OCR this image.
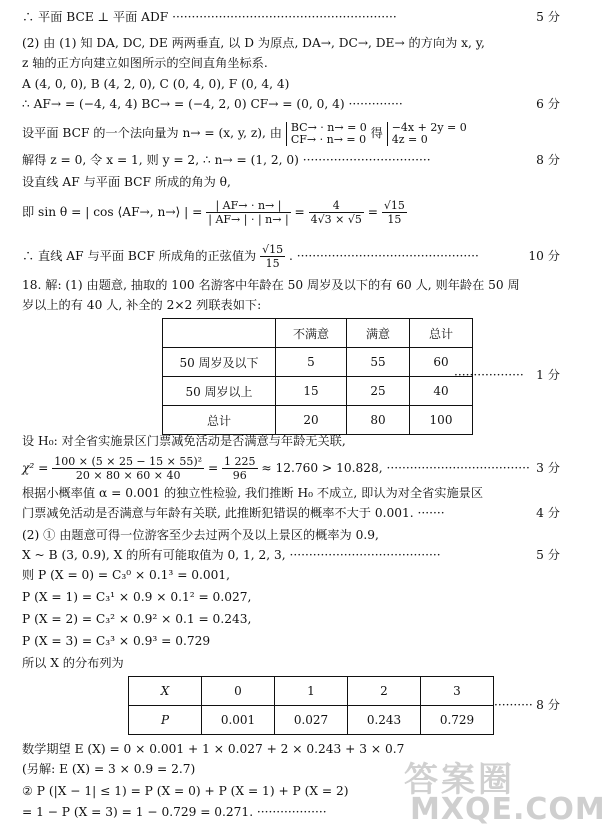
∴ 平面 BCE ⊥ 平面 ADF ··························································	5 分
(2) 由 (1) 知 DA, DC, DE 两两垂直, 以 D 为原点, DA→, DC→, DE→ 的方向为 x, y,
z 轴的正方向建立如图所示的空间直角坐标系.
A (4, 0, 0), B (4, 2, 0), C (0, 4, 0), F (0, 4, 4)
∴ AF→ = (−4, 4, 4) BC→ = (−4, 2, 0) CF→ = (0, 0, 4) ··············	6 分
解得 z = 0, 令 x = 1, 则 y = 2, ∴ n→ = (1, 2, 0) ·································	8 分
设直线 AF 与平面 BCF 所成的角为 θ,
18. 解: (1) 由题意, 抽取的 100 名游客中年龄在 50 周岁及以下的有 60 人, 则年龄在 50 周
岁以上的有 40 人, 补全的 2×2 列联表如下:
设 H₀: 对全省实施景区门票减免活动是否满意与年龄无关联,
根据小概率值 α = 0.001 的独立性检验, 我们推断 H₀ 不成立, 即认为对全省实施景区
门票减免活动是否满意与年龄有关联, 此推断犯错误的概率不大于 0.001. ·······	4 分
(2) ① 由题意可得一位游客至少去过两个及以上景区的概率为 0.9,
X ~ B (3, 0.9), X 的所有可能取值为 0, 1, 2, 3, ·······································	5 分
则 P (X = 0) = C₃⁰ × 0.1³ = 0.001,
P (X = 1) = C₃¹ × 0.9 × 0.1² = 0.027,
P (X = 2) = C₃² × 0.9² × 0.1 = 0.243,
P (X = 3) = C₃³ × 0.9³ = 0.729
所以 X 的分布列为
数学期望 E (X) = 0 × 0.001 + 1 × 0.027 + 2 × 0.243 + 3 × 0.7
(另解: E (X) = 3 × 0.9 = 2.7)
② P (|X − 1| ≤ 1) = P (X = 0) + P (X = 1) + P (X = 2)
= 1 − P (X = 3) = 1 − 0.729 = 0.271. ··················
设平面 BCF 的一个法向量为 n→ = (x, y, z), 由 BC→ · n→ = 0
CF→ · n→ = 0 得 −4x + 2y = 0
4z = 0
即 sin θ = | cos ⟨AF→, n→⟩ | = $\frac{| AF\to \cdot n\to |}{| AF\to | \cdot | n\to |} = \frac{4}{4√3 \times √5} = \frac{√15}{15}$
∴ 直线 AF 与平面 BCF 所成角的正弦值为 $\frac{√15}{15}$ . ···············································	10 分
	不满意	满意	总计
50 周岁及以下	5	55	60
50 周岁以上	15	25	40
总计	20	80	100
·················· 1 分
$\chi^2 = \frac{\text{100 × (5 × 25 − 15 × 55)²}}{20 \times 80 \times 60 \times 40} = \frac{1 225}{96} \approx 12.760 > 10.828$, ····································· 3 分
X	0	1	2	3
P	0.001	0.027	0.243	0.729
·········· 8 分
答案圈
MXQE.COM
